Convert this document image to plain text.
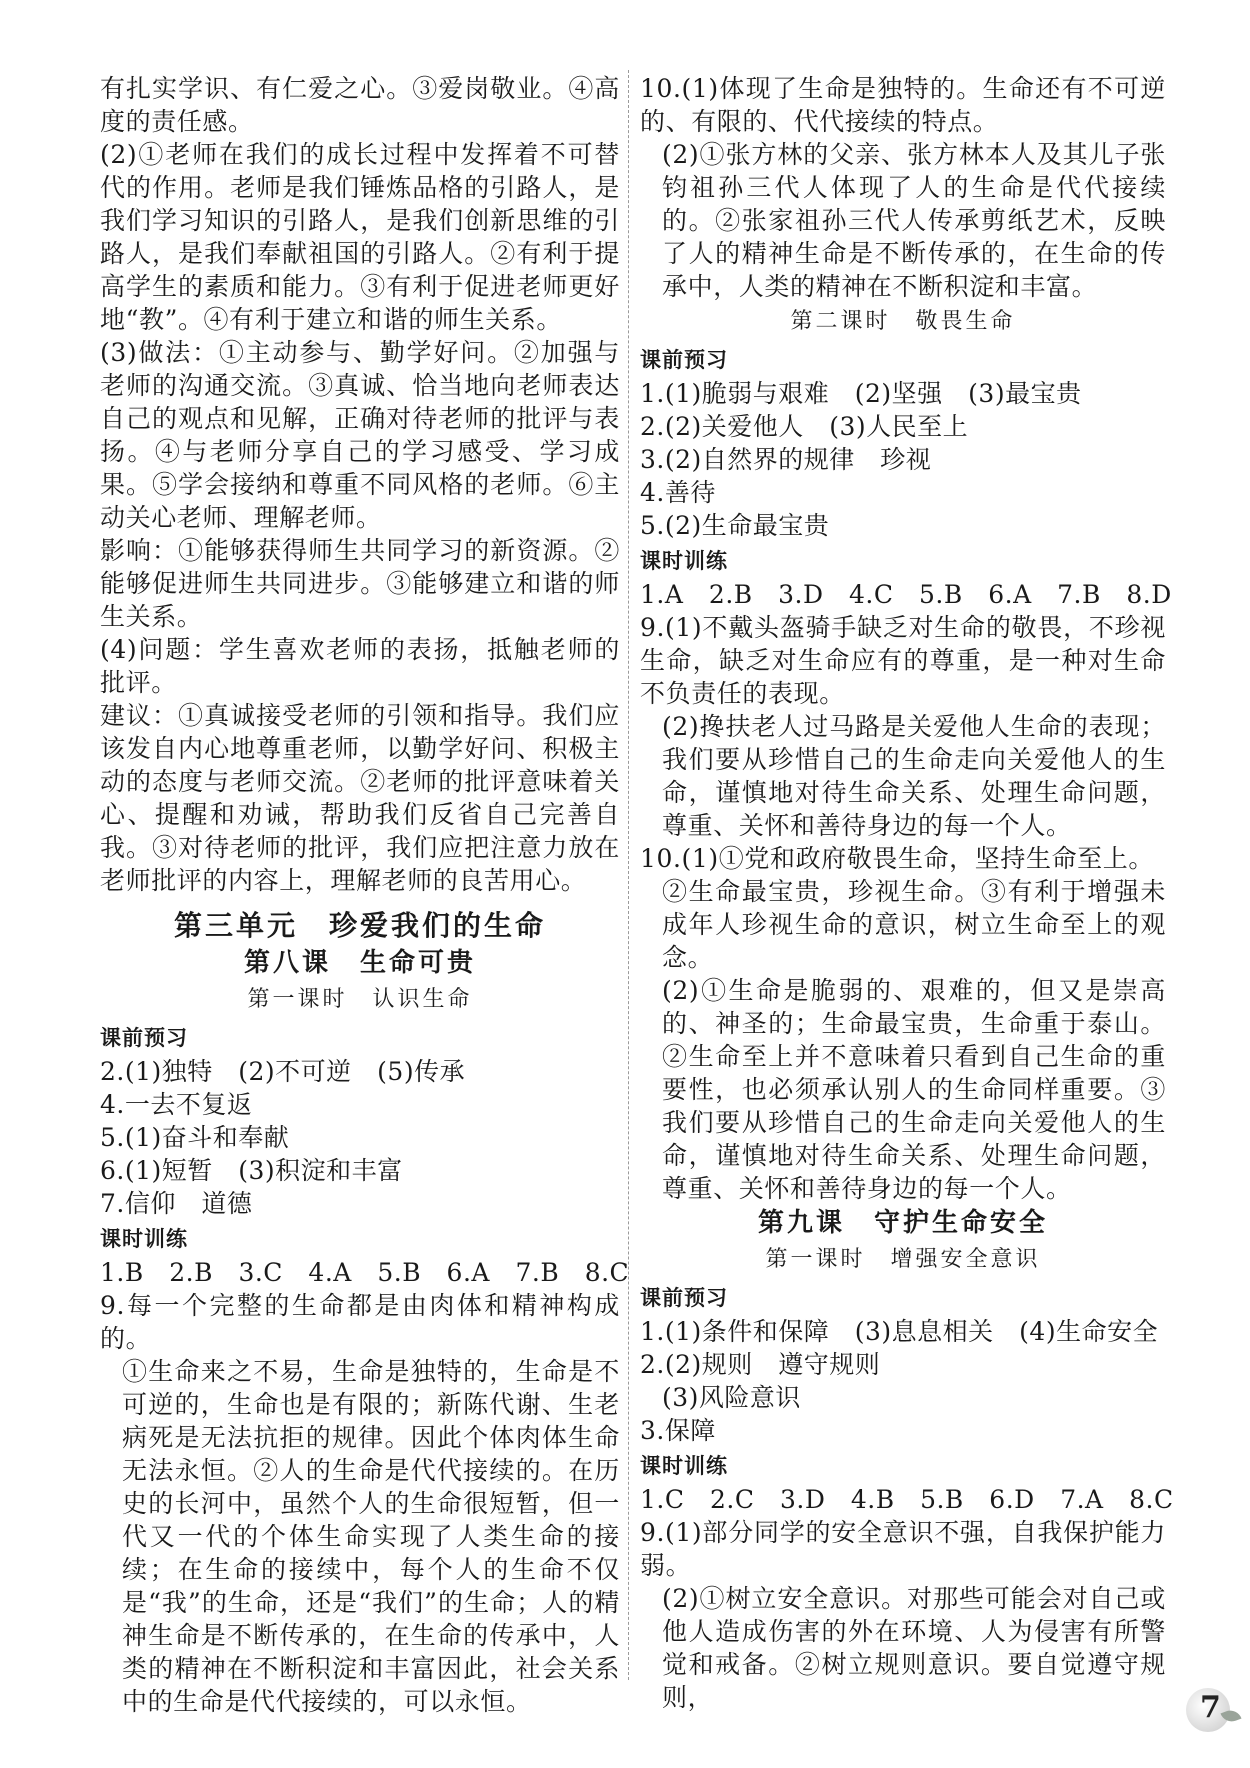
有扎实学识、有仁爱之心。③爱岗敬业。④高度的责任感。

(2)①老师在我们的成长过程中发挥着不可替代的作用。老师是我们锤炼品格的引路人，是我们学习知识的引路人，是我们创新思维的引路人，是我们奉献祖国的引路人。②有利于提高学生的素质和能力。③有利于促进老师更好地“教”。④有利于建立和谐的师生关系。

(3)做法：①主动参与、勤学好问。②加强与老师的沟通交流。③真诚、恰当地向老师表达自己的观点和见解，正确对待老师的批评与表扬。④与老师分享自己的学习感受、学习成果。⑤学会接纳和尊重不同风格的老师。⑥主动关心老师、理解老师。

影响：①能够获得师生共同学习的新资源。②能够促进师生共同进步。③能够建立和谐的师生关系。

(4)问题：学生喜欢老师的表扬，抵触老师的批评。

建议：①真诚接受老师的引领和指导。我们应该发自内心地尊重老师，以勤学好问、积极主动的态度与老师交流。②老师的批评意味着关心、提醒和劝诫，帮助我们反省自己完善自我。③对待老师的批评，我们应把注意力放在老师批评的内容上，理解老师的良苦用心。

第三单元　珍爱我们的生命
第八课　生命可贵
第一课时　认识生命
课前预习

2.(1)独特　(2)不可逆　(5)传承

4.一去不复返

5.(1)奋斗和奉献

6.(1)短暂　(3)积淀和丰富

7.信仰　道德

课时训练

1.B　2.B　3.C　4.A　5.B　6.A　7.B　8.C

9.每一个完整的生命都是由肉体和精神构成的。

①生命来之不易，生命是独特的，生命是不可逆的，生命也是有限的；新陈代谢、生老病死是无法抗拒的规律。因此个体肉体生命无法永恒。②人的生命是代代接续的。在历史的长河中，虽然个人的生命很短暂，但一代又一代的个体生命实现了人类生命的接续；在生命的接续中，每个人的生命不仅是“我”的生命，还是“我们”的生命；人的精神生命是不断传承的，在生命的传承中，人类的精神在不断积淀和丰富因此，社会关系中的生命是代代接续的，可以永恒。

10.(1)体现了生命是独特的。生命还有不可逆的、有限的、代代接续的特点。

(2)①张方林的父亲、张方林本人及其儿子张钧祖孙三代人体现了人的生命是代代接续的。②张家祖孙三代人传承剪纸艺术，反映了人的精神生命是不断传承的，在生命的传承中，人类的精神在不断积淀和丰富。

第二课时　敬畏生命
课前预习

1.(1)脆弱与艰难　(2)坚强　(3)最宝贵

2.(2)关爱他人　(3)人民至上

3.(2)自然界的规律　珍视

4.善待

5.(2)生命最宝贵

课时训练

1.A　2.B　3.D　4.C　5.B　6.A　7.B　8.D

9.(1)不戴头盔骑手缺乏对生命的敬畏，不珍视生命，缺乏对生命应有的尊重，是一种对生命不负责任的表现。

(2)搀扶老人过马路是关爱他人生命的表现；我们要从珍惜自己的生命走向关爱他人的生命，谨慎地对待生命关系、处理生命问题，尊重、关怀和善待身边的每一个人。

10.(1)①党和政府敬畏生命，坚持生命至上。

②生命最宝贵，珍视生命。③有利于增强未成年人珍视生命的意识，树立生命至上的观念。

(2)①生命是脆弱的、艰难的，但又是崇高的、神圣的；生命最宝贵，生命重于泰山。②生命至上并不意味着只看到自己生命的重要性，也必须承认别人的生命同样重要。③我们要从珍惜自己的生命走向关爱他人的生命，谨慎地对待生命关系、处理生命问题，尊重、关怀和善待身边的每一个人。

第九课　守护生命安全
第一课时　增强安全意识
课前预习

1.(1)条件和保障　(3)息息相关　(4)生命安全

2.(2)规则　遵守规则

(3)风险意识

3.保障

课时训练

1.C　2.C　3.D　4.B　5.B　6.D　7.A　8.C

9.(1)部分同学的安全意识不强，自我保护能力弱。

(2)①树立安全意识。对那些可能会对自己或他人造成伤害的外在环境、人为侵害有所警觉和戒备。②树立规则意识。要自觉遵守规则，	7
